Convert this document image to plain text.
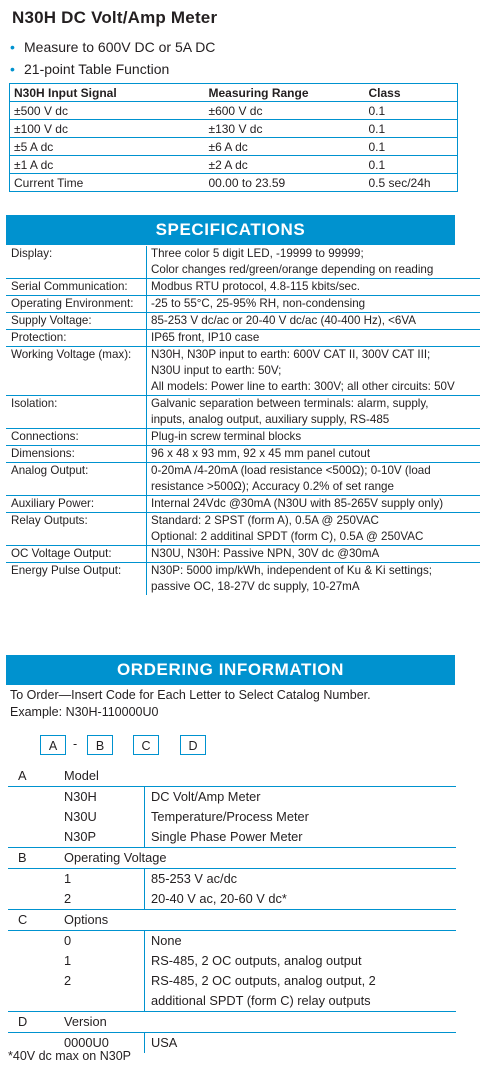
N30H DC Volt/Amp Meter
• Measure to 600V DC or 5A DC
• 21-point Table Function
N30H Input Signal	Measuring Range	Class
±500 V dc	±600 V dc	0.1
±100 V dc	±130 V dc	0.1
±5 A dc	±6 A dc	0.1
±1 A dc	±2 A dc	0.1
Current Time	00.00 to 23.59	0.5 sec/24h
SPECIFICATIONS
Display:	Three color 5 digit LED, -19999 to 99999;
Color changes red/green/orange depending on reading
Serial Communication:	Modbus RTU protocol, 4.8-115 kbits/sec.
Operating Environment:	-25 to 55°C, 25-95% RH, non-condensing
Supply Voltage:	85-253 V dc/ac or 20-40 V dc/ac (40-400 Hz), <6VA
Protection:	IP65 front, IP10 case
Working Voltage (max):	N30H, N30P input to earth: 600V CAT II, 300V CAT III;
N30U input to earth: 50V;
All models: Power line to earth: 300V; all other circuits: 50V
Isolation:	Galvanic separation between terminals: alarm, supply,
inputs, analog output, auxiliary supply, RS-485
Connections:	Plug-in screw terminal blocks
Dimensions:	96 x 48 x 93 mm, 92 x 45 mm panel cutout
Analog Output:	0-20mA /4-20mA (load resistance <500Ω); 0-10V (load
resistance >500Ω); Accuracy 0.2% of set range
Auxiliary Power:	Internal 24Vdc @30mA (N30U with 85-265V supply only)
Relay Outputs:	Standard: 2 SPST (form A), 0.5A @ 250VAC
Optional: 2 additinal SPDT (form C), 0.5A @ 250VAC
OC Voltage Output:	N30U, N30H: Passive NPN, 30V dc @30mA
Energy Pulse Output:	N30P: 5000 imp/kWh, independent of Ku & Ki settings;
passive OC, 18-27V dc supply, 10-27mA
ORDERING INFORMATION
To Order—Insert Code for Each Letter to Select Catalog Number.
Example: N30H-110000U0
A	-	B	C	D
A	Model
N30H	DC Volt/Amp Meter
N30U	Temperature/Process Meter
N30P	Single Phase Power Meter
B	Operating Voltage
1	85-253 V ac/dc
2	20-40 V ac, 20-60 V dc*
C	Options
0	None
1	RS-485, 2 OC outputs, analog output
2	RS-485, 2 OC outputs, analog output, 2
additional SPDT (form C) relay outputs
D	Version
0000U0	USA
*40V dc max on N30P
